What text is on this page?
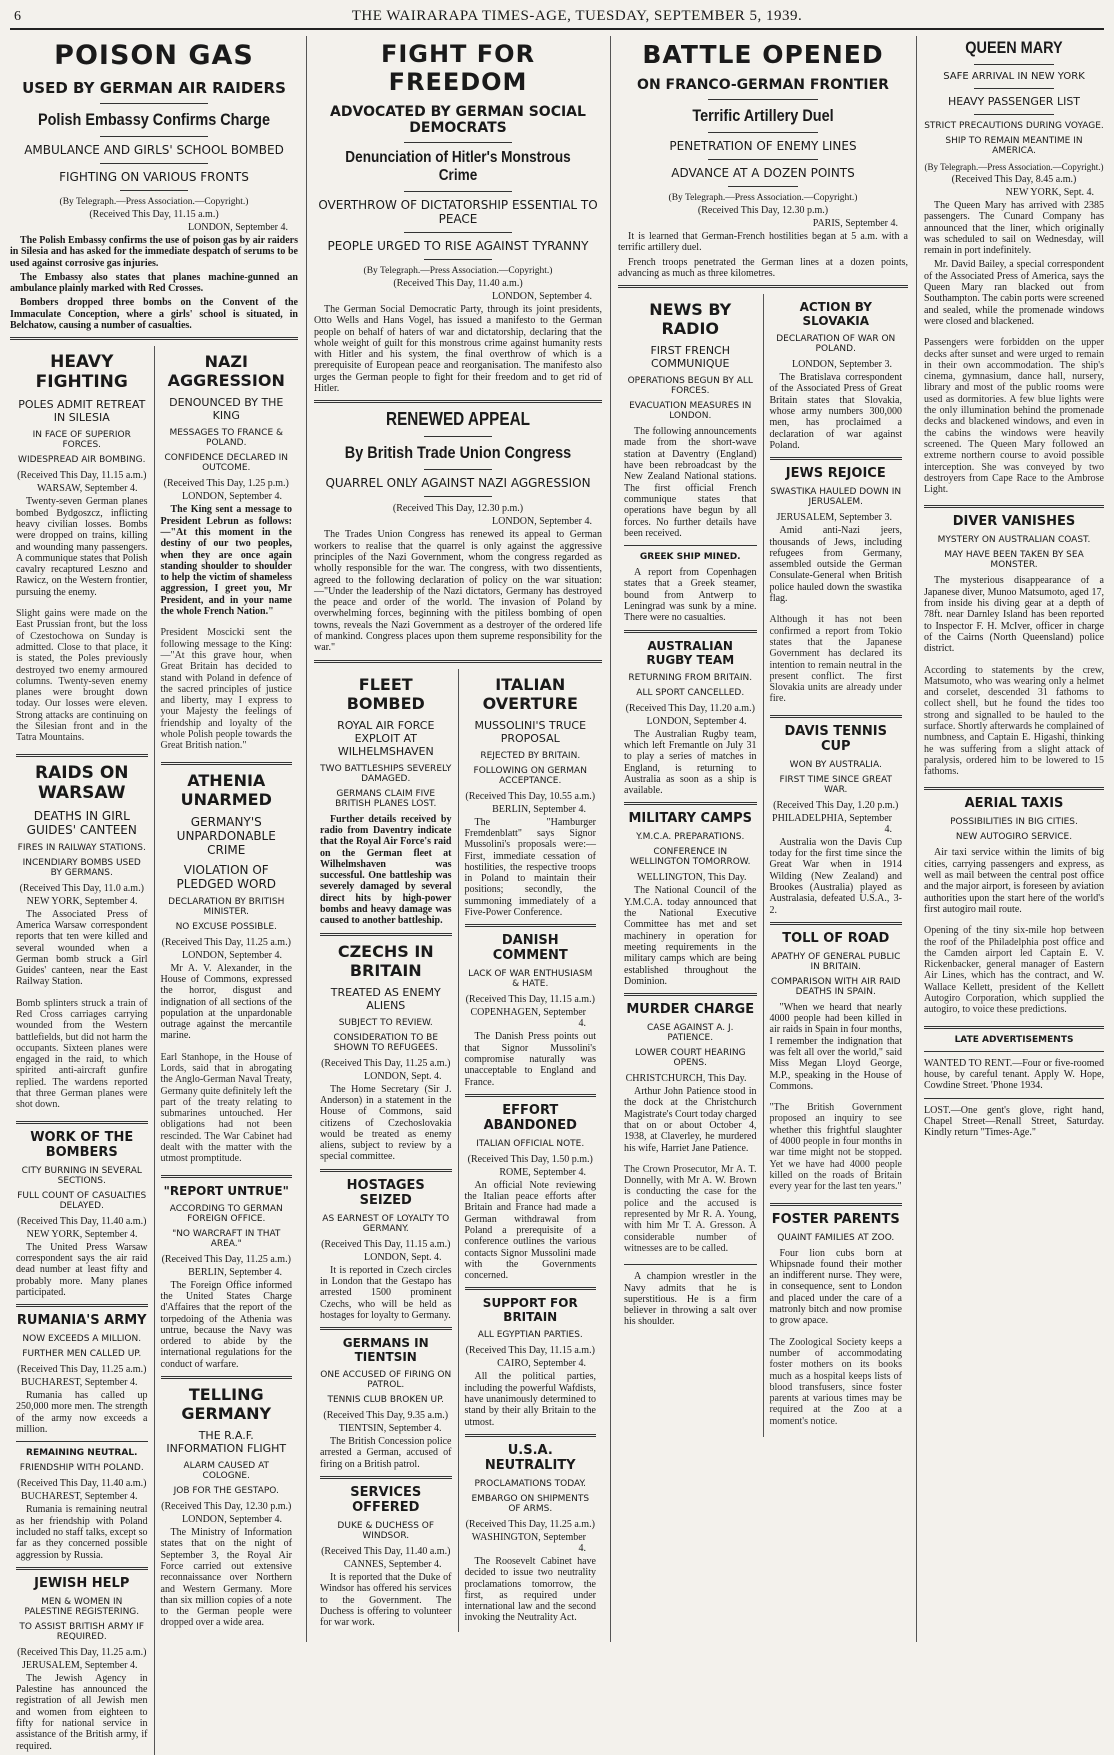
6	THE WAIRARAPA TIMES-AGE, TUESDAY, SEPTEMBER 5, 1939.
POISON GAS
USED BY GERMAN AIR RAIDERS
Polish Embassy Confirms Charge
AMBULANCE AND GIRLS' SCHOOL BOMBED
FIGHTING ON VARIOUS FRONTS
(By Telegraph.—Press Association.—Copyright.)
(Received This Day, 11.15 a.m.)
LONDON, September 4.

The Polish Embassy confirms the use of poison gas by air raiders in Silesia and has asked for the immediate despatch of serums to be used against corrosive gas injuries.

The Embassy also states that planes machine-gunned an ambulance plainly marked with Red Crosses.

Bombers dropped three bombs on the Convent of the Immaculate Conception, where a girls' school is situated, in Belchatow, causing a number of casualties.

HEAVY FIGHTING
POLES ADMIT RETREAT IN SILESIA
IN FACE OF SUPERIOR FORCES.
WIDESPREAD AIR BOMBING.
(Received This Day, 11.15 a.m.)
WARSAW, September 4.

Twenty-seven German planes bombed Bydgoszcz, inflicting heavy civilian losses. Bombs were dropped on trains, killing and wounding many passengers. A communique states that Polish cavalry recaptured Leszno and Rawicz, on the Western frontier, pursuing the enemy.

Slight gains were made on the East Prussian front, but the loss of Czestochowa on Sunday is admitted. Close to that place, it is stated, the Poles previously destroyed two enemy armoured columns. Twenty-seven enemy planes were brought down today. Our losses were eleven. Strong attacks are continuing on the Silesian front and in the Tatra Mountains.

RAIDS ON WARSAW
DEATHS IN GIRL GUIDES' CANTEEN
FIRES IN RAILWAY STATIONS.
INCENDIARY BOMBS USED BY GERMANS.
(Received This Day, 11.0 a.m.)
NEW YORK, September 4.

The Associated Press of America Warsaw correspondent reports that ten were killed and several wounded when a German bomb struck a Girl Guides' canteen, near the East Railway Station.

Bomb splinters struck a train of Red Cross carriages carrying wounded from the Western battlefields, but did not harm the occupants. Sixteen planes were engaged in the raid, to which spirited anti-aircraft gunfire replied. The wardens reported that three German planes were shot down.

WORK OF THE BOMBERS
CITY BURNING IN SEVERAL SECTIONS.
FULL COUNT OF CASUALTIES DELAYED.
(Received This Day, 11.40 a.m.)
NEW YORK, September 4.

The United Press Warsaw correspondent says the air raid dead number at least fifty and probably more. Many planes participated.

RUMANIA'S ARMY
NOW EXCEEDS A MILLION.
FURTHER MEN CALLED UP.
(Received This Day, 11.25 a.m.)
BUCHAREST, September 4.

Rumania has called up 250,000 more men. The strength of the army now exceeds a million.

REMAINING NEUTRAL.
FRIENDSHIP WITH POLAND.
(Received This Day, 11.40 a.m.)
BUCHAREST, September 4.

Rumania is remaining neutral as her friendship with Poland included no staff talks, except so far as they concerned possible aggression by Russia.

JEWISH HELP
MEN & WOMEN IN PALESTINE REGISTERING.
TO ASSIST BRITISH ARMY IF REQUIRED.
(Received This Day, 11.25 a.m.)
JERUSALEM, September 4.

The Jewish Agency in Palestine has announced the registration of all Jewish men and women from eighteen to fifty for national service in assistance of the British army, if required.

NAZI AGGRESSION
DENOUNCED BY THE KING
MESSAGES TO FRANCE & POLAND.
CONFIDENCE DECLARED IN OUTCOME.
(Received This Day, 1.25 p.m.)
LONDON, September 4.

The King sent a message to President Lebrun as follows:—"At this moment in the destiny of our two peoples, when they are once again standing shoulder to shoulder to help the victim of shameless aggression, I greet you, Mr President, and in your name the whole French Nation."

President Moscicki sent the following message to the King:—"At this grave hour, when Great Britain has decided to stand with Poland in defence of the sacred principles of justice and liberty, may I express to your Majesty the feelings of friendship and loyalty of the whole Polish people towards the Great British nation."

ATHENIA UNARMED
GERMANY'S UNPARDONABLE CRIME
VIOLATION OF PLEDGED WORD
DECLARATION BY BRITISH MINISTER.
NO EXCUSE POSSIBLE.
(Received This Day, 11.25 a.m.)
LONDON, September 4.

Mr A. V. Alexander, in the House of Commons, expressed the horror, disgust and indignation of all sections of the population at the unpardonable outrage against the mercantile marine.

Earl Stanhope, in the House of Lords, said that in abrogating the Anglo-German Naval Treaty, Germany quite definitely left the part of the treaty relating to submarines untouched. Her obligations had not been rescinded. The War Cabinet had dealt with the matter with the utmost promptitude.

"REPORT UNTRUE"
ACCORDING TO GERMAN FOREIGN OFFICE.
"NO WARCRAFT IN THAT AREA."
(Received This Day, 11.25 a.m.)
BERLIN, September 4.

The Foreign Office informed the United States Charge d'Affaires that the report of the torpedoing of the Athenia was untrue, because the Navy was ordered to abide by the international regulations for the conduct of warfare.

TELLING GERMANY
THE R.A.F. INFORMATION FLIGHT
ALARM CAUSED AT COLOGNE.
JOB FOR THE GESTAPO.
(Received This Day, 12.30 p.m.)
LONDON, September 4.

The Ministry of Information states that on the night of September 3, the Royal Air Force carried out extensive reconnaissance over Northern and Western Germany. More than six million copies of a note to the German people were dropped over a wide area.

FIGHT FOR FREEDOM
ADVOCATED BY GERMAN SOCIAL DEMOCRATS
Denunciation of Hitler's Monstrous Crime
OVERTHROW OF DICTATORSHIP ESSENTIAL TO PEACE
PEOPLE URGED TO RISE AGAINST TYRANNY
(By Telegraph.—Press Association.—Copyright.)
(Received This Day, 11.40 a.m.)
LONDON, September 4.

The German Social Democratic Party, through its joint presidents, Otto Wells and Hans Vogel, has issued a manifesto to the German people on behalf of haters of war and dictatorship, declaring that the whole weight of guilt for this monstrous crime against humanity rests with Hitler and his system, the final overthrow of which is a prerequisite of European peace and reorganisation. The manifesto also urges the German people to fight for their freedom and to get rid of Hitler.

RENEWED APPEAL
By British Trade Union Congress
QUARREL ONLY AGAINST NAZI AGGRESSION
(Received This Day, 12.30 p.m.)
LONDON, September 4.

The Trades Union Congress has renewed its appeal to German workers to realise that the quarrel is only against the aggressive principles of the Nazi Government, whom the congress regarded as wholly responsible for the war. The congress, with two dissentients, agreed to the following declaration of policy on the war situation:—"Under the leadership of the Nazi dictators, Germany has destroyed the peace and order of the world. The invasion of Poland by overwhelming forces, beginning with the pitiless bombing of open towns, reveals the Nazi Government as a destroyer of the ordered life of mankind. Congress places upon them supreme responsibility for the war."

FLEET BOMBED
ROYAL AIR FORCE EXPLOIT AT WILHELMSHAVEN
TWO BATTLESHIPS SEVERELY DAMAGED.
GERMANS CLAIM FIVE BRITISH PLANES LOST.

Further details received by radio from Daventry indicate that the Royal Air Force's raid on the German fleet at Wilhelmshaven was successful. One battleship was severely damaged by several direct hits by high-power bombs and heavy damage was caused to another battleship.

CZECHS IN BRITAIN
TREATED AS ENEMY ALIENS
SUBJECT TO REVIEW.
CONSIDERATION TO BE SHOWN TO REFUGEES.
(Received This Day, 11.25 a.m.)
LONDON, Sept. 4.

The Home Secretary (Sir J. Anderson) in a statement in the House of Commons, said citizens of Czechoslovakia would be treated as enemy aliens, subject to review by a special committee.

HOSTAGES SEIZED
AS EARNEST OF LOYALTY TO GERMANY.
(Received This Day, 11.15 a.m.)
LONDON, Sept. 4.

It is reported in Czech circles in London that the Gestapo has arrested 1500 prominent Czechs, who will be held as hostages for loyalty to Germany.

GERMANS IN TIENTSIN
ONE ACCUSED OF FIRING ON PATROL.
TENNIS CLUB BROKEN UP.
(Received This Day, 9.35 a.m.)
TIENTSIN, September 4.

The British Concession police arrested a German, accused of firing on a British patrol.

SERVICES OFFERED
DUKE & DUCHESS OF WINDSOR.
(Received This Day, 11.40 a.m.)
CANNES, September 4.

It is reported that the Duke of Windsor has offered his services to the Government. The Duchess is offering to volunteer for war work.

ITALIAN OVERTURE
MUSSOLINI'S TRUCE PROPOSAL
REJECTED BY BRITAIN.
FOLLOWING ON GERMAN ACCEPTANCE.
(Received This Day, 10.55 a.m.)
BERLIN, September 4.

The "Hamburger Fremdenblatt" says Signor Mussolini's proposals were:—First, immediate cessation of hostilities, the respective troops in Poland to maintain their positions; secondly, the summoning immediately of a Five-Power Conference.

DANISH COMMENT
LACK OF WAR ENTHUSIASM & HATE.
(Received This Day, 11.15 a.m.)
COPENHAGEN, September 4.

The Danish Press points out that Signor Mussolini's compromise naturally was unacceptable to England and France.

EFFORT ABANDONED
ITALIAN OFFICIAL NOTE.
(Received This Day, 1.50 p.m.)
ROME, September 4.

An official Note reviewing the Italian peace efforts after Britain and France had made a German withdrawal from Poland a prerequisite of a conference outlines the various contacts Signor Mussolini made with the Governments concerned.

SUPPORT FOR BRITAIN
ALL EGYPTIAN PARTIES.
(Received This Day, 11.15 a.m.)
CAIRO, September 4.

All the political parties, including the powerful Wafdists, have unanimously determined to stand by their ally Britain to the utmost.

U.S.A. NEUTRALITY
PROCLAMATIONS TODAY.
EMBARGO ON SHIPMENTS OF ARMS.
(Received This Day, 11.25 a.m.)
WASHINGTON, September 4.

The Roosevelt Cabinet have decided to issue two neutrality proclamations tomorrow, the first, as required under international law and the second invoking the Neutrality Act.

BATTLE OPENED
ON FRANCO-GERMAN FRONTIER
Terrific Artillery Duel
PENETRATION OF ENEMY LINES
ADVANCE AT A DOZEN POINTS
(By Telegraph.—Press Association.—Copyright.)
(Received This Day, 12.30 p.m.)
PARIS, September 4.

It is learned that German-French hostilities began at 5 a.m. with a terrific artillery duel.

French troops penetrated the German lines at a dozen points, advancing as much as three kilometres.

NEWS BY RADIO
FIRST FRENCH COMMUNIQUE
OPERATIONS BEGUN BY ALL FORCES.
EVACUATION MEASURES IN LONDON.

The following announcements made from the short-wave station at Daventry (England) have been rebroadcast by the New Zealand National stations. The first official French communique states that operations have begun by all forces. No further details have been received.

GREEK SHIP MINED.

A report from Copenhagen states that a Greek steamer, bound from Antwerp to Leningrad was sunk by a mine. There were no casualties.

AUSTRALIAN RUGBY TEAM
RETURNING FROM BRITAIN.
ALL SPORT CANCELLED.
(Received This Day, 11.20 a.m.)
LONDON, September 4.

The Australian Rugby team, which left Fremantle on July 31 to play a series of matches in England, is returning to Australia as soon as a ship is available.

MILITARY CAMPS
Y.M.C.A. PREPARATIONS.
CONFERENCE IN WELLINGTON TOMORROW.
WELLINGTON, This Day.

The National Council of the Y.M.C.A. today announced that the National Executive Committee has met and set machinery in operation for meeting requirements in the military camps which are being established throughout the Dominion.

MURDER CHARGE
CASE AGAINST A. J. PATIENCE.
LOWER COURT HEARING OPENS.
CHRISTCHURCH, This Day.

Arthur John Patience stood in the dock at the Christchurch Magistrate's Court today charged that on or about October 4, 1938, at Claverley, he murdered his wife, Harriet Jane Patience.

The Crown Prosecutor, Mr A. T. Donnelly, with Mr A. W. Brown is conducting the case for the police and the accused is represented by Mr R. A. Young, with him Mr T. A. Gresson. A considerable number of witnesses are to be called.

A champion wrestler in the Navy admits that he is superstitious. He is a firm believer in throwing a salt over his shoulder.

ACTION BY SLOVAKIA
DECLARATION OF WAR ON POLAND.
LONDON, September 3.

The Bratislava correspondent of the Associated Press of Great Britain states that Slovakia, whose army numbers 300,000 men, has proclaimed a declaration of war against Poland.

JEWS REJOICE
SWASTIKA HAULED DOWN IN JERUSALEM.
JERUSALEM, September 3.

Amid anti-Nazi jeers, thousands of Jews, including refugees from Germany, assembled outside the German Consulate-General when British police hauled down the swastika flag.

Although it has not been confirmed a report from Tokio states that the Japanese Government has declared its intention to remain neutral in the present conflict. The first Slovakia units are already under fire.

DAVIS TENNIS CUP
WON BY AUSTRALIA.
FIRST TIME SINCE GREAT WAR.
(Received This Day, 1.20 p.m.)
PHILADELPHIA, September 4.

Australia won the Davis Cup today for the first time since the Great War when in 1914 Wilding (New Zealand) and Brookes (Australia) played as Australasia, defeated U.S.A., 3-2.

TOLL OF ROAD
APATHY OF GENERAL PUBLIC IN BRITAIN.
COMPARISON WITH AIR RAID DEATHS IN SPAIN.

"When we heard that nearly 4000 people had been killed in air raids in Spain in four months, I remember the indignation that was felt all over the world," said Miss Megan Lloyd George, M.P., speaking in the House of Commons.

"The British Government proposed an inquiry to see whether this frightful slaughter of 4000 people in four months in war time might not be stopped. Yet we have had 4000 people killed on the roads of Britain every year for the last ten years."

FOSTER PARENTS
QUAINT FAMILIES AT ZOO.

Four lion cubs born at Whipsnade found their mother an indifferent nurse. They were, in consequence, sent to London and placed under the care of a matronly bitch and now promise to grow apace.

The Zoological Society keeps a number of accommodating foster mothers on its books much as a hospital keeps lists of blood transfusers, since foster parents at various times may be required at the Zoo at a moment's notice.

QUEEN MARY
SAFE ARRIVAL IN NEW YORK
HEAVY PASSENGER LIST
STRICT PRECAUTIONS DURING VOYAGE.
SHIP TO REMAIN MEANTIME IN AMERICA.
(By Telegraph.—Press Association.—Copyright.)
(Received This Day, 8.45 a.m.)
NEW YORK, Sept. 4.

The Queen Mary has arrived with 2385 passengers. The Cunard Company has announced that the liner, which originally was scheduled to sail on Wednesday, will remain in port indefinitely.

Mr. David Bailey, a special correspondent of the Associated Press of America, says the Queen Mary ran blacked out from Southampton. The cabin ports were screened and sealed, while the promenade windows were closed and blackened.

Passengers were forbidden on the upper decks after sunset and were urged to remain in their own accommodation. The ship's cinema, gymnasium, dance hall, nursery, library and most of the public rooms were used as dormitories. A few blue lights were the only illumination behind the promenade decks and blackened windows, and even in the cabins the windows were heavily screened. The Queen Mary followed an extreme northern course to avoid possible interception. She was conveyed by two destroyers from Cape Race to the Ambrose Light.

DIVER VANISHES
MYSTERY ON AUSTRALIAN COAST.
MAY HAVE BEEN TAKEN BY SEA MONSTER.

The mysterious disappearance of a Japanese diver, Munoo Matsumoto, aged 17, from inside his diving gear at a depth of 78ft. near Darnley Island has been reported to Inspector F. H. McIver, officer in charge of the Cairns (North Queensland) police district.

According to statements by the crew, Matsumoto, who was wearing only a helmet and corselet, descended 31 fathoms to collect shell, but he found the tides too strong and signalled to be hauled to the surface. Shortly afterwards he complained of numbness, and Captain E. Higashi, thinking he was suffering from a slight attack of paralysis, ordered him to be lowered to 15 fathoms.

AERIAL TAXIS
POSSIBILITIES IN BIG CITIES.
NEW AUTOGIRO SERVICE.

Air taxi service within the limits of big cities, carrying passengers and express, as well as mail between the central post office and the major airport, is foreseen by aviation authorities upon the start here of the world's first autogiro mail route.

Opening of the tiny six-mile hop between the roof of the Philadelphia post office and the Camden airport led Captain E. V. Rickenbacker, general manager of Eastern Air Lines, which has the contract, and W. Wallace Kellett, president of the Kellett Autogiro Corporation, which supplied the autogiro, to voice these predictions.

LATE ADVERTISEMENTS

WANTED TO RENT.—Four or five-roomed house, by careful tenant. Apply W. Hope, Cowdine Street. 'Phone 1934.

LOST.—One gent's glove, right hand, Chapel Street—Renall Street, Saturday. Kindly return "Times-Age."
